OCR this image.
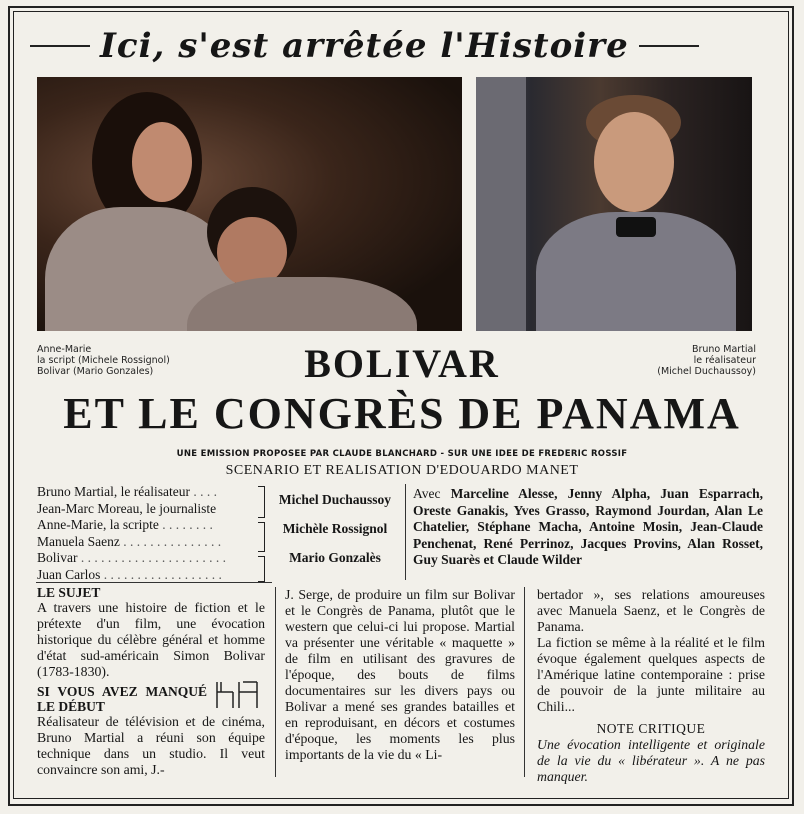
Ici, s'est arrêtée l'Histoire
Anne-Marie
la script (Michele Rossignol)
Bolivar (Mario Gonzales)
Bruno Martial
le réalisateur
(Michel Duchaussoy)
BOLIVAR
ET LE CONGRÈS DE PANAMA
UNE EMISSION PROPOSEE PAR CLAUDE BLANCHARD - SUR UNE IDEE DE FREDERIC ROSSIF
SCENARIO ET REALISATION D'EDOUARDO MANET
Bruno Martial, le réalisateur . . . .
Jean-Marc Moreau, le journaliste
Anne-Marie, la scripte . . . . . . . .
Manuela Saenz . . . . . . . . . . . . . . .
Bolivar . . . . . . . . . . . . . . . . . . . . . .
Juan Carlos . . . . . . . . . . . . . . . . . .
Michel Duchaussoy
Michèle Rossignol
Mario Gonzalès
Avec Marceline Alesse, Jenny Alpha, Juan Esparrach, Oreste Ganakis, Yves Grasso, Raymond Jourdan, Alan Le Chatelier, Stéphane Macha, Antoine Mosin, Jean-Claude Penchenat, René Perrinoz, Jacques Provins, Alan Rosset, Guy Suarès et Claude Wilder
LE SUJET
A travers une histoire de fiction et le prétexte d'un film, une évocation historique du célèbre général et homme d'état sud-américain Simon Bolivar (1783-1830).
SI VOUS AVEZ MANQUÉ LE DÉBUT
Réalisateur de télévision et de cinéma, Bruno Martial a réuni son équipe technique dans un studio. Il veut convaincre son ami, J.-
J. Serge, de produire un film sur Bolivar et le Congrès de Panama, plutôt que le western que celui-ci lui propose. Martial va présenter une véritable « maquette » de film en utilisant des gravures de l'époque, des bouts de films documentaires sur les divers pays ou Bolivar a mené ses grandes batailles et en reproduisant, en décors et costumes d'époque, les moments les plus importants de la vie du « Li-
bertador », ses relations amoureuses avec Manuela Saenz, et le Congrès de Panama.
La fiction se même à la réalité et le film évoque également quelques aspects de l'Amérique latine contemporaine : prise de pouvoir de la junte militaire au Chili...
NOTE CRITIQUE
Une évocation intelligente et originale de la vie du « libérateur ». A ne pas manquer.
